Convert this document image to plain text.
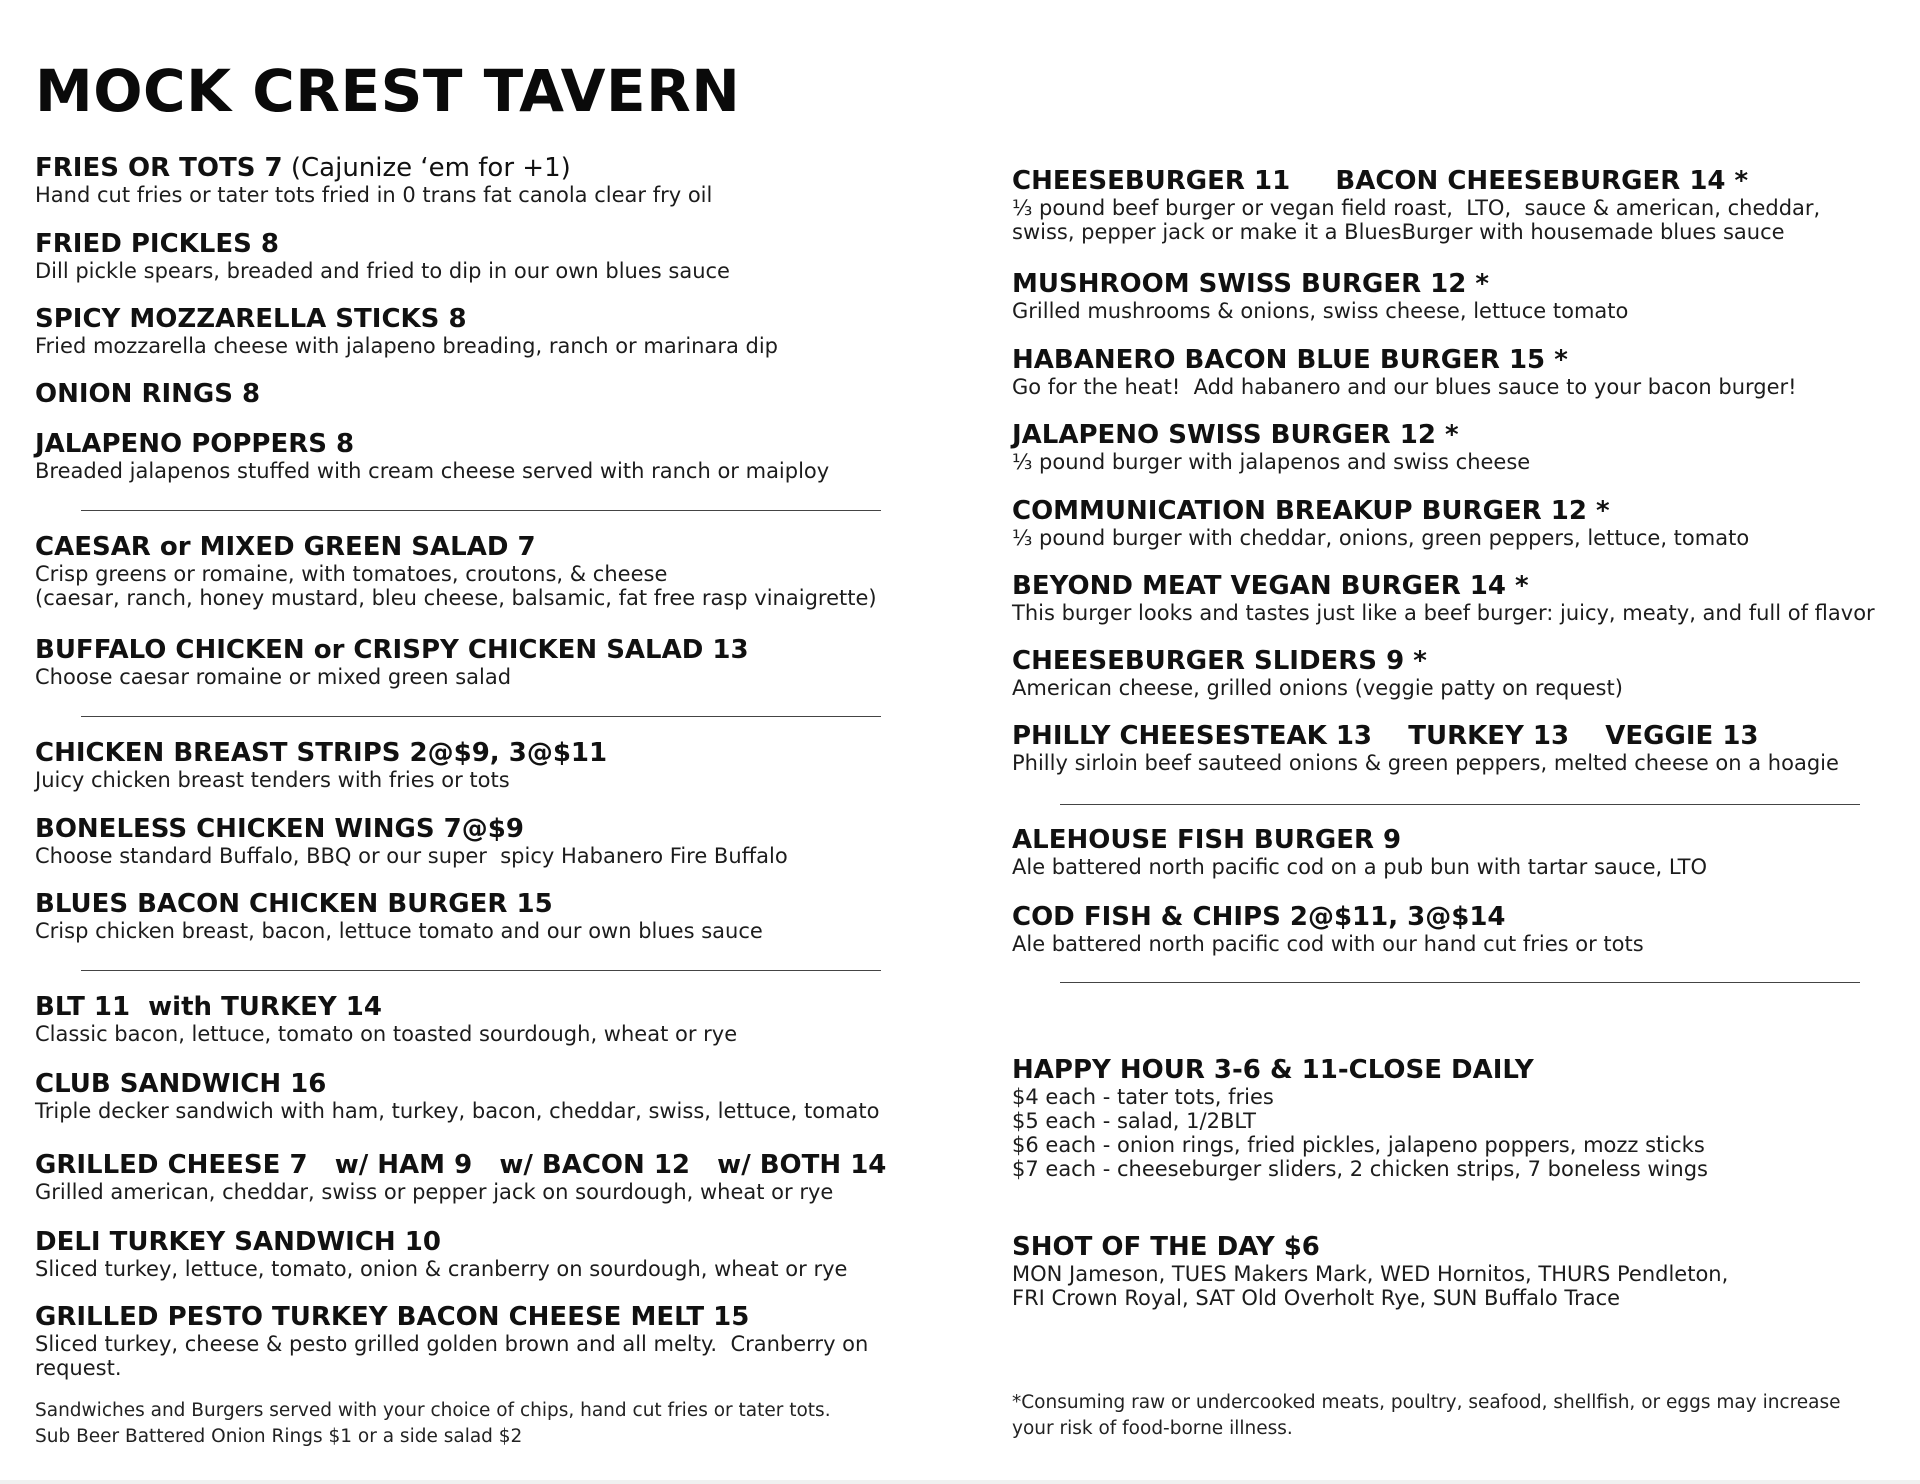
MOCK CREST TAVERN
FRIES OR TOTS 7 (Cajunize ‘em for +1)
Hand cut fries or tater tots fried in 0 trans fat canola clear fry oil
FRIED PICKLES 8
Dill pickle spears, breaded and fried to dip in our own blues sauce
SPICY MOZZARELLA STICKS 8
Fried mozzarella cheese with jalapeno breading, ranch or marinara dip
ONION RINGS 8
JALAPENO POPPERS 8
Breaded jalapenos stuffed with cream cheese served with ranch or maiploy
CAESAR or MIXED GREEN SALAD 7
Crisp greens or romaine, with tomatoes, croutons, & cheese
(caesar, ranch, honey mustard, bleu cheese, balsamic, fat free rasp vinaigrette)
BUFFALO CHICKEN or CRISPY CHICKEN SALAD 13
Choose caesar romaine or mixed green salad
CHICKEN BREAST STRIPS 2@$9, 3@$11
Juicy chicken breast tenders with fries or tots
BONELESS CHICKEN WINGS 7@$9
Choose standard Buffalo, BBQ or our super  spicy Habanero Fire Buffalo
BLUES BACON CHICKEN BURGER 15
Crisp chicken breast, bacon, lettuce tomato and our own blues sauce
BLT 11  with TURKEY 14
Classic bacon, lettuce, tomato on toasted sourdough, wheat or rye
CLUB SANDWICH 16
Triple decker sandwich with ham, turkey, bacon, cheddar, swiss, lettuce, tomato
GRILLED CHEESE 7   w/ HAM 9   w/ BACON 12   w/ BOTH 14
Grilled american, cheddar, swiss or pepper jack on sourdough, wheat or rye
DELI TURKEY SANDWICH 10
Sliced turkey, lettuce, tomato, onion & cranberry on sourdough, wheat or rye
GRILLED PESTO TURKEY BACON CHEESE MELT 15
Sliced turkey, cheese & pesto grilled golden brown and all melty.  Cranberry on
request.
CHEESEBURGER 11     BACON CHEESEBURGER 14 *
⅓ pound beef burger or vegan field roast,  LTO,  sauce & american, cheddar,
swiss, pepper jack or make it a BluesBurger with housemade blues sauce
MUSHROOM SWISS BURGER 12 *
Grilled mushrooms & onions, swiss cheese, lettuce tomato
HABANERO BACON BLUE BURGER 15 *
Go for the heat!  Add habanero and our blues sauce to your bacon burger!
JALAPENO SWISS BURGER 12 *
⅓ pound burger with jalapenos and swiss cheese
COMMUNICATION BREAKUP BURGER 12 *
⅓ pound burger with cheddar, onions, green peppers, lettuce, tomato
BEYOND MEAT VEGAN BURGER 14 *
This burger looks and tastes just like a beef burger: juicy, meaty, and full of flavor
CHEESEBURGER SLIDERS 9 *
American cheese, grilled onions (veggie patty on request)
PHILLY CHEESESTEAK 13    TURKEY 13    VEGGIE 13
Philly sirloin beef sauteed onions & green peppers, melted cheese on a hoagie
ALEHOUSE FISH BURGER 9
Ale battered north pacific cod on a pub bun with tartar sauce, LTO
COD FISH & CHIPS 2@$11, 3@$14
Ale battered north pacific cod with our hand cut fries or tots
HAPPY HOUR 3-6 & 11-CLOSE DAILY
$4 each - tater tots, fries
$5 each - salad, 1/2BLT
$6 each - onion rings, fried pickles, jalapeno poppers, mozz sticks
$7 each - cheeseburger sliders, 2 chicken strips, 7 boneless wings
SHOT OF THE DAY $6
MON Jameson, TUES Makers Mark, WED Hornitos, THURS Pendleton,
FRI Crown Royal, SAT Old Overholt Rye, SUN Buffalo Trace
Sandwiches and Burgers served with your choice of chips, hand cut fries or tater tots.
Sub Beer Battered Onion Rings $1 or a side salad $2
*Consuming raw or undercooked meats, poultry, seafood, shellfish, or eggs may increase
your risk of food-borne illness.
